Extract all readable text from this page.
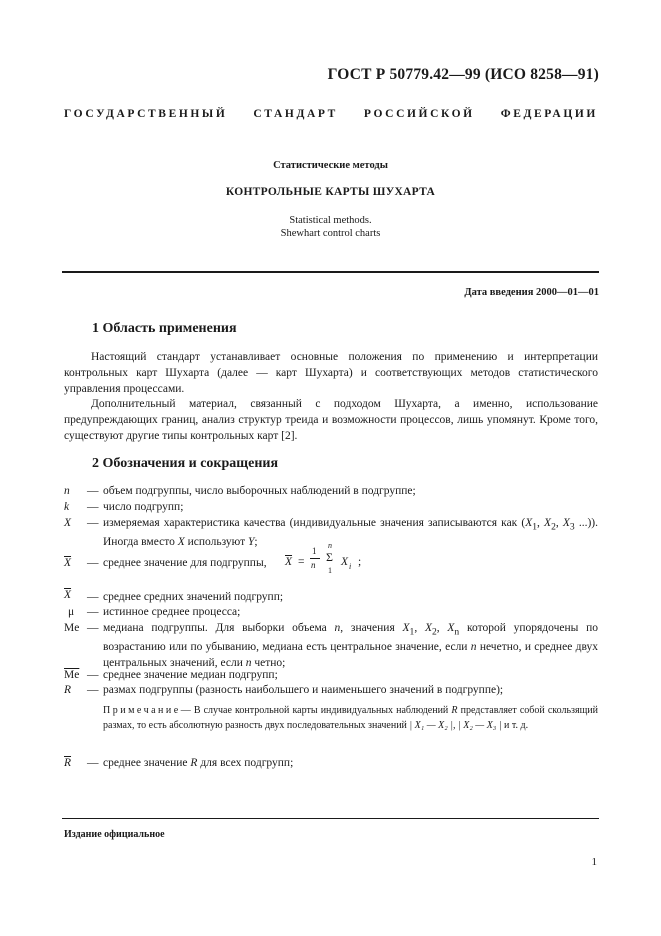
ГОСТ Р 50779.42—99 (ИСО 8258—91)
ГОСУДАРСТВЕННЫЙ СТАНДАРТ РОССИЙСКОЙ ФЕДЕРАЦИИ
Статистические методы
КОНТРОЛЬНЫЕ КАРТЫ ШУХАРТА
Statistical methods.
Shewhart control charts
Дата введения 2000—01—01
1 Область применения

Настоящий стандарт устанавливает основные положения по применению и интерпретации контрольных карт Шухарта (далее — карт Шухарта) и соответствующих методов статистического управления процессами.

Дополнительный материал, связанный с подходом Шухарта, а именно, использование предупреждающих границ, анализ структур треида и возможности процессов, лишь упомянут. Кроме того, существуют другие типы контрольных карт [2].

2 Обозначения и сокращения
n — объем подгруппы, число выборочных наблюдений в подгруппе;

k — число подгрупп;

X — измеряемая характеристика качества (индивидуальные значения записываются как ($X_1$, $X_2$, $X_3$ ...)). Иногда вместо X используют Y;

$\overline{X}$ — среднее значение для подгруппы, $\overline{X}$ =
1
n
n
Σ
1
X i ;
$\overline{X}$ — среднее средних значений подгрупп;

μ — истинное среднее процесса;

Me — медиана подгруппы. Для выборки объема n, значения $X_1$, $X_2$, $X_n$ которой упорядочены по возрастанию или по убыванию, медиана есть центральное значение, если n нечетно, и среднее двух центральных значений, если n четно;

$\overline{Me}$ — среднее значение медиан подгрупп;

R — размах подгруппы (разность наибольшего и наименьшего значений в подгруппе);

Примечание— В случае контрольной карты индивидуальных наблюдений R представляет собой скользящий размах, то есть абсолютную разность двух последовательных значений | X₁ — X₂ |, | X₂ — X₃ | и т. д.

$\overline{R}$ — среднее значение R для всех подгрупп;

Издание официальное
1
